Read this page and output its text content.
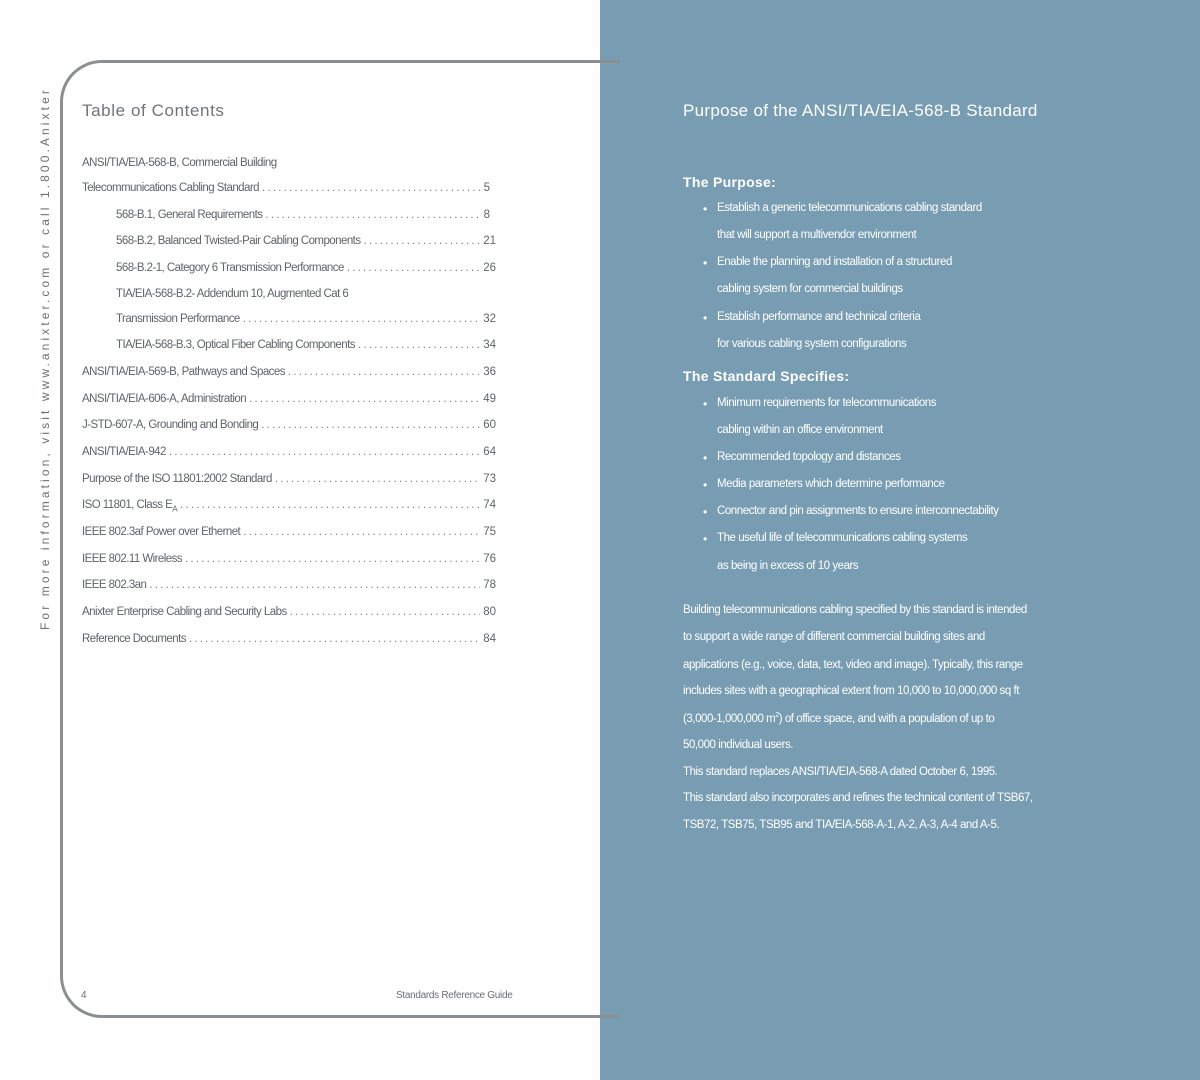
For more information, visit www.anixter.com or call 1.800.Anixter Table of Contents
ANSI/TIA/EIA-568-B, Commercial Building
Telecommunications Cabling Standard .....	5
568-B.1, General Requirements .....	8
568-B.2, Balanced Twisted-Pair Cabling Components .....	21
568-B.2-1, Category 6 Transmission Performance .....	26
TIA/EIA-568-B.2- Addendum 10, Augmented Cat 6
Transmission Performance .....	32
TIA/EIA-568-B.3, Optical Fiber Cabling Components .....	34
ANSI/TIA/EIA-569-B, Pathways and Spaces .....	36
ANSI/TIA/EIA-606-A, Administration .....	49
J-STD-607-A, Grounding and Bonding .....	60
ANSI/TIA/EIA-942 .....	64
Purpose of the ISO 11801:2002 Standard .....	73
ISO 11801, Class $E_A$ .....	74
IEEE 802.3af Power over Ethernet .....	75
IEEE 802.11 Wireless .....	76
IEEE 802.3an .....	78
Anixter Enterprise Cabling and Security Labs .....	80
Reference Documents .....	84
4	Standards Reference Guide
Purpose of the ANSI/TIA/EIA-568-B Standard
The Purpose:
• Establish a generic telecommunications cabling standard
that will support a multivendor environment
• Enable the planning and installation of a structured
cabling system for commercial buildings
• Establish performance and technical criteria
for various cabling system configurations
The Standard Specifies:
• Minimum requirements for telecommunications
cabling within an office environment
• Recommended topology and distances
• Media parameters which determine performance
• Connector and pin assignments to ensure interconnectability
• The useful life of telecommunications cabling systems
as being in excess of 10 years
Building telecommunications cabling specified by this standard is intended
to support a wide range of different commercial building sites and
applications (e.g., voice, data, text, video and image). Typically, this range
includes sites with a geographical extent from 10,000 to 10,000,000 sq ft
(3,000-1,000,000 $m^2$) of office space, and with a population of up to
50,000 individual users.
This standard replaces ANSI/TIA/EIA-568-A dated October 6, 1995.
This standard also incorporates and refines the technical content of TSB67,
TSB72, TSB75, TSB95 and TIA/EIA-568-A-1, A-2, A-3, A-4 and A-5.
